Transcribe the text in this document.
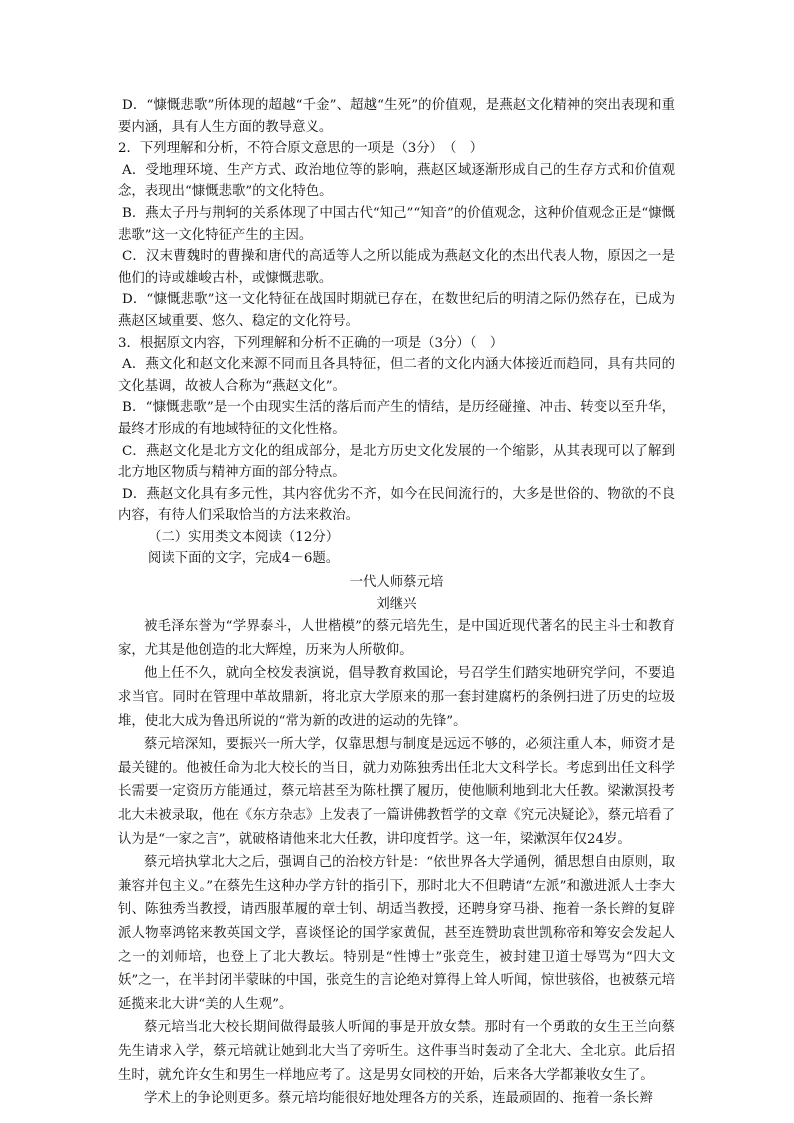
D．“慷慨悲歌”所体现的超越“千金”、超越“生死”的价值观，是燕赵文化精神的突出表现和重要内涵，具有人生方面的教导意义。

2．下列理解和分析，不符合原文意思的一项是（3分）　（　）

A．受地理环境、生产方式、政治地位等的影响，燕赵区域逐渐形成自己的生存方式和价值观念，表现出“慷慨悲歌”的文化特色。

B．燕太子丹与荆轲的关系体现了中国古代“知己”“知音”的价值观念，这种价值观念正是“慷慨悲歌”这一文化特征产生的主因。

C．汉末曹魏时的曹操和唐代的高适等人之所以能成为燕赵文化的杰出代表人物，原因之一是他们的诗或雄峻古朴，或慷慨悲歌。

D．“慷慨悲歌”这一文化特征在战国时期就已存在，在数世纪后的明清之际仍然存在，已成为燕赵区域重要、悠久、稳定的文化符号。

3．根据原文内容，下列理解和分析不正确的一项是（3分）（　）

A．燕文化和赵文化来源不同而且各具特征，但二者的文化内涵大体接近而趋同，具有共同的文化基调，故被人合称为“燕赵文化”。

B．“慷慨悲歌”是一个由现实生活的落后而产生的情结，是历经碰撞、冲击、转变以至升华，最终才形成的有地域特征的文化性格。

C．燕赵文化是北方文化的组成部分，是北方历史文化发展的一个缩影，从其表现可以了解到北方地区物质与精神方面的部分特点。

D．燕赵文化具有多元性，其内容优劣不齐，如今在民间流行的，大多是世俗的、物欲的不良内容，有待人们采取恰当的方法来救治。

（二）实用类文本阅读（12分）

阅读下面的文字，完成4－6题。

一代人师蔡元培

刘继兴

被毛泽东誉为“学界泰斗，人世楷模”的蔡元培先生，是中国近现代著名的民主斗士和教育家，尤其是他创造的北大辉煌，历来为人所敬仰。

他上任不久，就向全校发表演说，倡导教育救国论，号召学生们踏实地研究学问，不要追求当官。同时在管理中革故鼎新，将北京大学原来的那一套封建腐朽的条例扫进了历史的垃圾堆，使北大成为鲁迅所说的“常为新的改进的运动的先锋”。

蔡元培深知，要振兴一所大学，仅靠思想与制度是远远不够的，必须注重人本，师资才是最关键的。他被任命为北大校长的当日，就力劝陈独秀出任北大文科学长。考虑到出任文科学长需要一定资历方能通过，蔡元培甚至为陈杜撰了履历，使他顺利地到北大任教。梁漱溟投考北大未被录取，他在《东方杂志》上发表了一篇讲佛教哲学的文章《究元决疑论》，蔡元培看了认为是“一家之言”，就破格请他来北大任教，讲印度哲学。这一年，梁漱溟年仅24岁。

蔡元培执掌北大之后，强调自己的治校方针是：“依世界各大学通例，循思想自由原则，取兼容并包主义。”在蔡先生这种办学方针的指引下，那时北大不但聘请“左派”和激进派人士李大钊、陈独秀当教授，请西服革履的章士钊、胡适当教授，还聘身穿马褂、拖着一条长辫的复辟派人物辜鸿铭来教英国文学，喜谈怪论的国学家黄侃，甚至连赞助袁世凯称帝和筹安会发起人之一的刘师培，也登上了北大教坛。特别是“性博士”张竞生，被封建卫道士辱骂为“四大文妖”之一，在半封闭半蒙昧的中国，张竞生的言论绝对算得上耸人听闻，惊世骇俗，也被蔡元培延揽来北大讲“美的人生观”。

蔡元培当北大校长期间做得最骇人听闻的事是开放女禁。那时有一个勇敢的女生王兰向蔡先生请求入学，蔡元培就让她到北大当了旁听生。这件事当时轰动了全北大、全北京。此后招生时，就允许女生和男生一样地应考了。这是男女同校的开始，后来各大学都兼收女生了。

学术上的争论则更多。蔡元培均能很好地处理各方的关系，连最顽固的、拖着一条长辫
